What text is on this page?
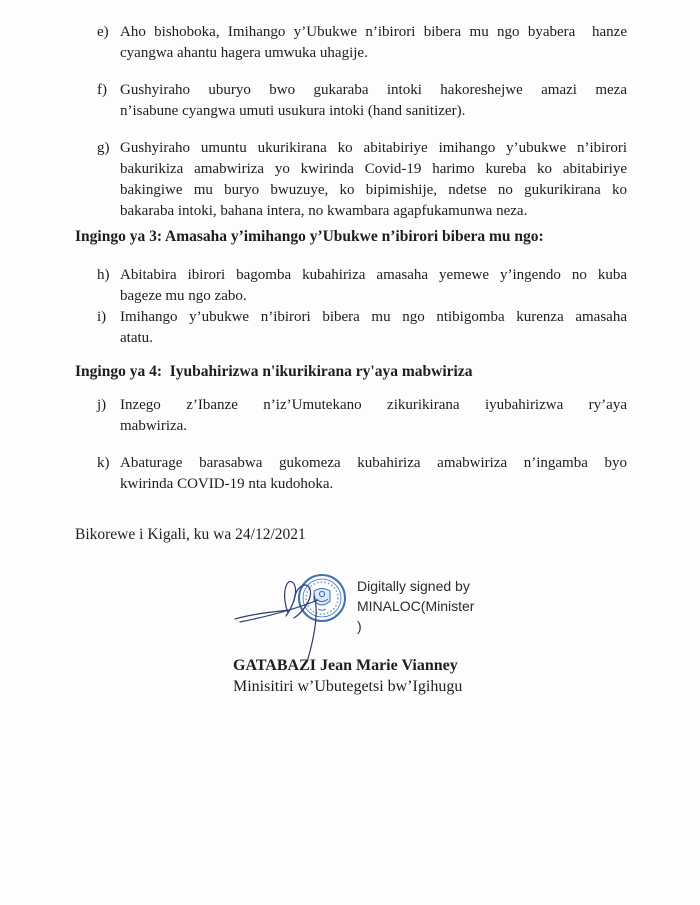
e) Aho bishoboka, Imihango y’Ubukwe n’ibirori bibera mu ngo byabera  hanze
cyangwa ahantu hagera umwuka uhagije.
f) Gushyiraho uburyo bwo gukaraba intoki hakoreshejwe amazi meza
n’isabune cyangwa umuti usukura intoki (hand sanitizer).
g) Gushyiraho umuntu ukurikirana ko abitabiriye imihango y’ubukwe n’ibirori
bakurikiza amabwiriza yo kwirinda Covid-19 harimo kureba ko abitabiriye
bakingiwe mu buryo bwuzuye, ko bipimishije, ndetse no gukurikirana ko
bakaraba intoki, bahana intera, no kwambara agapfukamunwa neza.
Ingingo ya 3: Amasaha y’imihango y’Ubukwe n’ibirori bibera mu ngo:
h) Abitabira ibirori bagomba kubahiriza amasaha yemewe y’ingendo no kuba
bageze mu ngo zabo.
i) Imihango y’ubukwe n’ibirori bibera mu ngo ntibigomba kurenza amasaha
atatu.
Ingingo ya 4:  Iyubahirizwa n'ikurikirana ry'aya mabwiriza
j) Inzego z’Ibanze n’iz’Umutekano zikurikirana iyubahirizwa ry’aya
mabwiriza.
k) Abaturage barasabwa gukomeza kubahiriza amabwiriza n’ingamba byo
kwirinda COVID-19 nta kudohoka.
Bikorewe i Kigali, ku wa 24/12/2021
Digitally signed by
MINALOC(Minister
)
GATABAZI Jean Marie Vianney
Minisitiri w’Ubutegetsi bw’Igihugu
